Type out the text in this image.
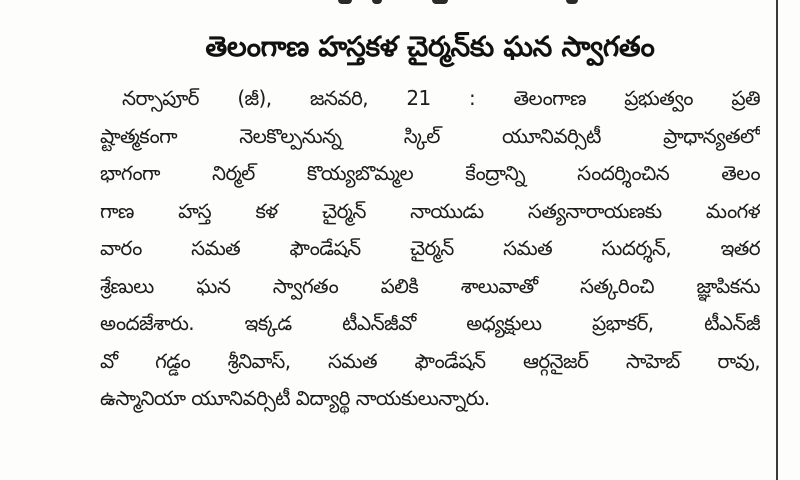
తెలంగాణ హస్తకళ చైర్మన్‌కు ఘన స్వాగతం
నర్సాపూర్ (జీ), జనవరి, 21 : తెలంగాణ ప్రభుత్వం ప్రతి
ష్టాత్మకంగా నెలకొల్పనున్న స్కిల్ యూనివర్సిటీ ప్రాధాన్యతలో
భాగంగా నిర్మల్ కొయ్యబొమ్మల కేంద్రాన్ని సందర్శించిన తెలం
గాణ హస్త కళ చైర్మన్ నాయుడు సత్యనారాయణకు మంగళ
వారం సమత ఫౌండేషన్ చైర్మన్ సమత సుదర్శన్, ఇతర
శ్రేణులు ఘన స్వాగతం పలికి శాలువాతో సత్కరించి జ్ఞాపికను
అందజేశారు. ఇక్కడ టీఎన్‌జీవో అధ్యక్షులు ప్రభాకర్, టీఎన్‌జీ
వో గడ్డం శ్రీనివాస్, సమత ఫౌండేషన్ ఆర్గనైజర్ సాహెబ్ రావు,
ఉస్మానియా యూనివర్సిటీ విద్యార్థి నాయకులున్నారు.
